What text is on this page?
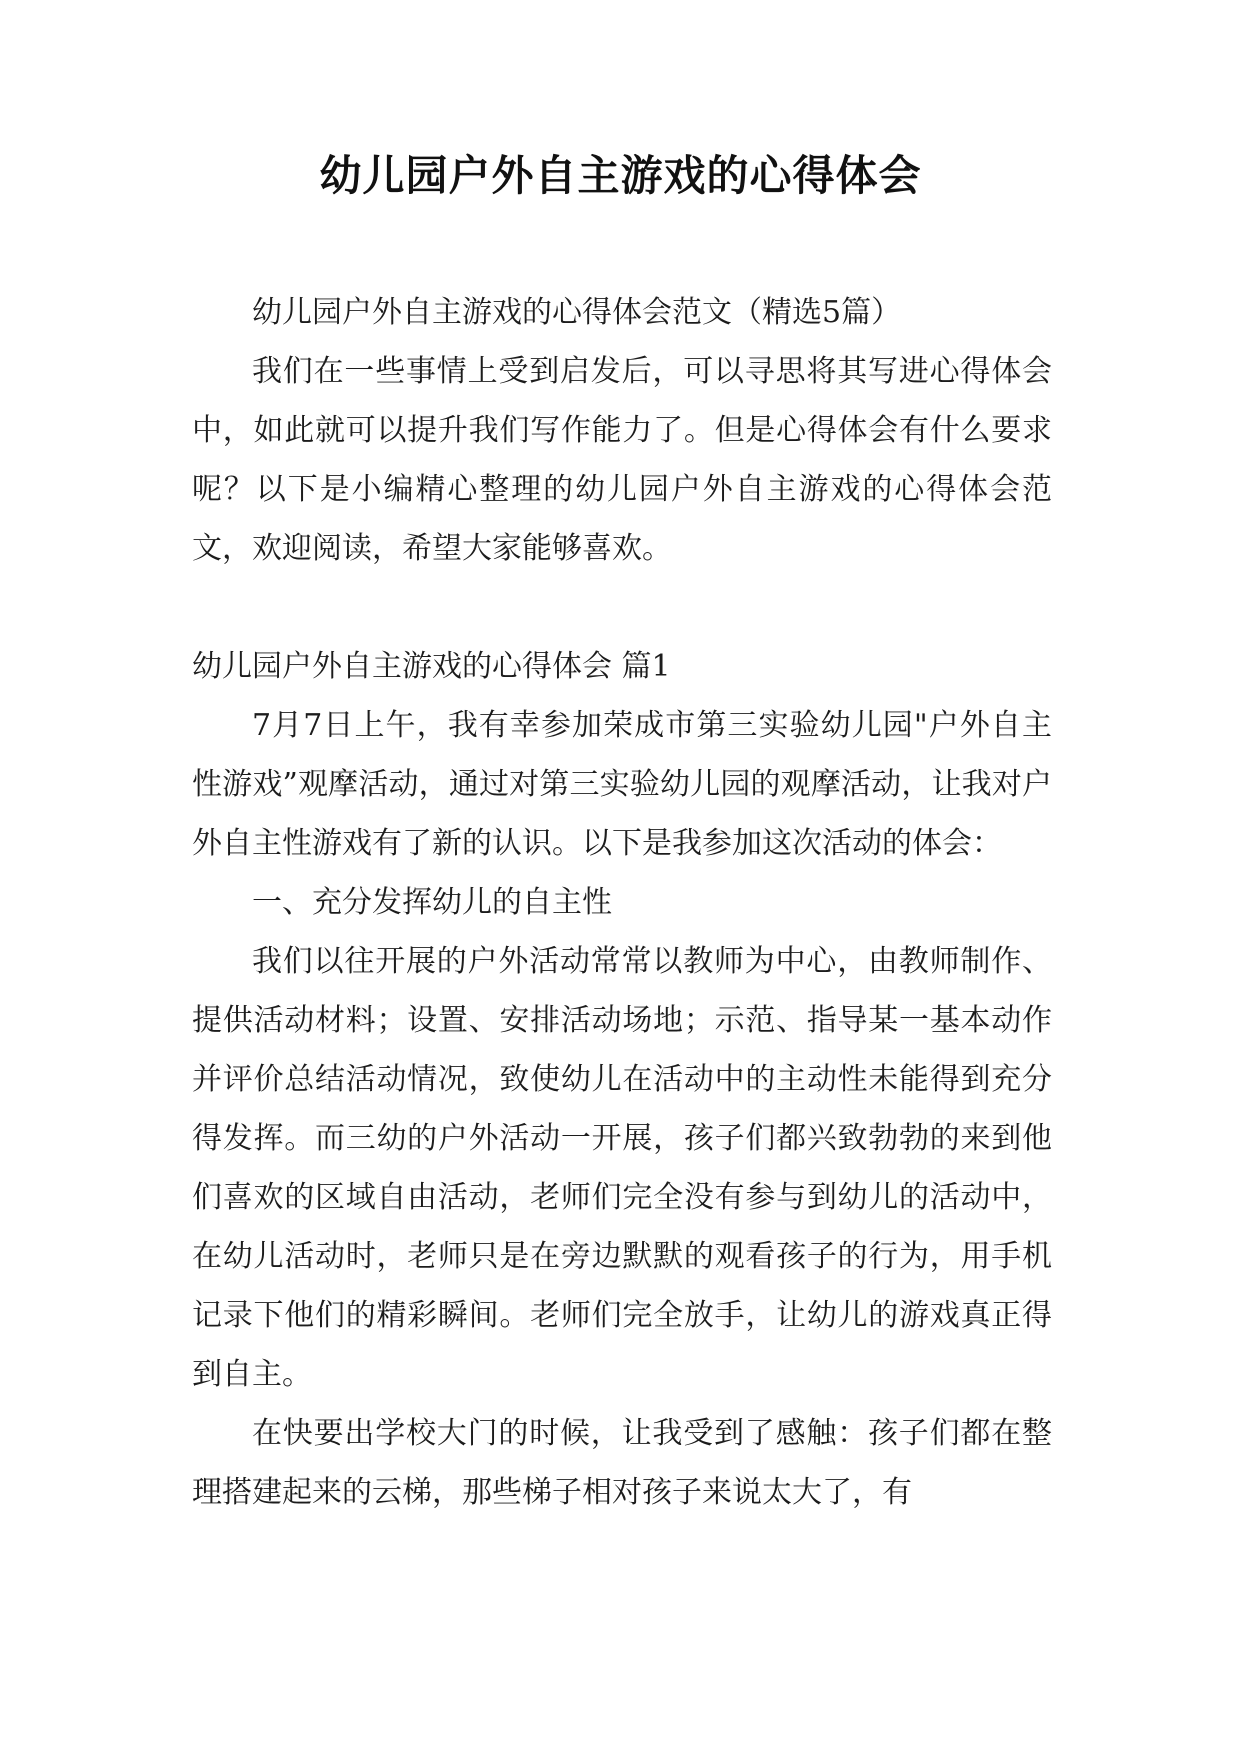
幼儿园户外自主游戏的心得体会

幼儿园户外自主游戏的心得体会范文（精选5篇）

我们在一些事情上受到启发后，可以寻思将其写进心得体会中，如此就可以提升我们写作能力了。但是心得体会有什么要求呢？以下是小编精心整理的幼儿园户外自主游戏的心得体会范文，欢迎阅读，希望大家能够喜欢。

幼儿园户外自主游戏的心得体会 篇1

7月7日上午，我有幸参加荣成市第三实验幼儿园"户外自主性游戏”观摩活动，通过对第三实验幼儿园的观摩活动，让我对户外自主性游戏有了新的认识。以下是我参加这次活动的体会：

一、充分发挥幼儿的自主性

我们以往开展的户外活动常常以教师为中心，由教师制作、提供活动材料；设置、安排活动场地；示范、指导某一基本动作并评价总结活动情况，致使幼儿在活动中的主动性未能得到充分得发挥。而三幼的户外活动一开展，孩子们都兴致勃勃的来到他们喜欢的区域自由活动，老师们完全没有参与到幼儿的活动中，在幼儿活动时，老师只是在旁边默默的观看孩子的行为，用手机记录下他们的精彩瞬间。老师们完全放手，让幼儿的游戏真正得到自主。

在快要出学校大门的时候，让我受到了感触：孩子们都在整理搭建起来的云梯，那些梯子相对孩子来说太大了，有
